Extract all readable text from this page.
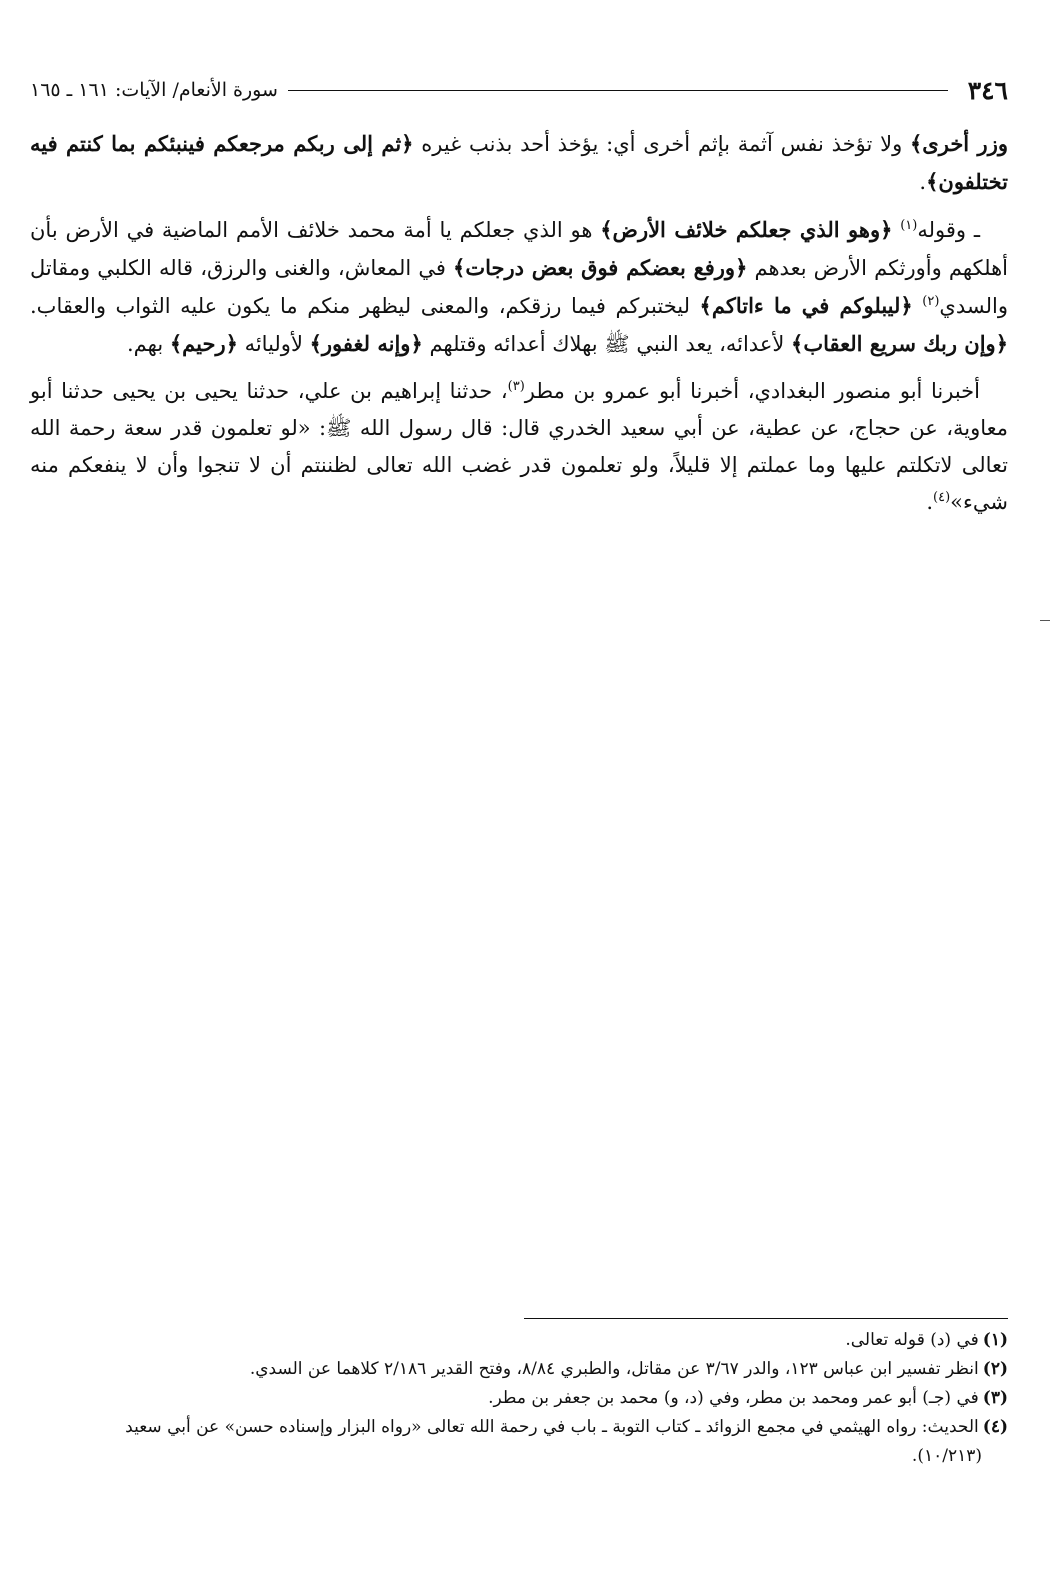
٣٤٦
سورة الأنعام/ الآيات: ١٦١ ـ ١٦٥

وزر أخرى﴾ ولا تؤخذ نفس آثمة بإثم أخرى أي: يؤخذ أحد بذنب غيره ﴿ثم إلى ربكم مرجعكم فينبئكم بما كنتم فيه تختلفون﴾.

ـ وقوله$^{(١)}$ ﴿وهو الذي جعلكم خلائف الأرض﴾ هو الذي جعلكم يا أمة محمد خلائف الأمم الماضية في الأرض بأن أهلكهم وأورثكم الأرض بعدهم ﴿ورفع بعضكم فوق بعض درجات﴾ في المعاش، والغنى والرزق، قاله الكلبي ومقاتل والسدي$^{(٢)}$ ﴿ليبلوكم في ما ءاتاكم﴾ ليختبركم فيما رزقكم، والمعنى ليظهر منكم ما يكون عليه الثواب والعقاب. ﴿وإن ربك سريع العقاب﴾ لأعدائه، يعد النبي ﷺ بهلاك أعدائه وقتلهم ﴿وإنه لغفور﴾ لأوليائه ﴿رحيم﴾ بهم.

أخبرنا أبو منصور البغدادي، أخبرنا أبو عمرو بن مطر$^{(٣)}$، حدثنا إبراهيم بن علي، حدثنا يحيى بن يحيى حدثنا أبو معاوية، عن حجاج، عن عطية، عن أبي سعيد الخدري قال: قال رسول الله ﷺ: «لو تعلمون قدر سعة رحمة الله تعالى لاتكلتم عليها وما عملتم إلا قليلاً، ولو تعلمون قدر غضب الله تعالى لظننتم أن لا تنجوا وأن لا ينفعكم منه شيء»$^{(٤)}$.

(١)في (د) قوله تعالى.
(٢)انظر تفسير ابن عباس ١٢٣، والدر ٣/٦٧ عن مقاتل، والطبري ٨/٨٤، وفتح القدير ٢/١٨٦ كلاهما عن السدي.
(٣)في (جـ) أبو عمر ومحمد بن مطر، وفي (د، و) محمد بن جعفر بن مطر.
(٤)الحديث: رواه الهيثمي في مجمع الزوائد ـ كتاب التوبة ـ باب في رحمة الله تعالى «رواه البزار وإسناده حسن» عن أبي سعيد
(١٠/٢١٣).
